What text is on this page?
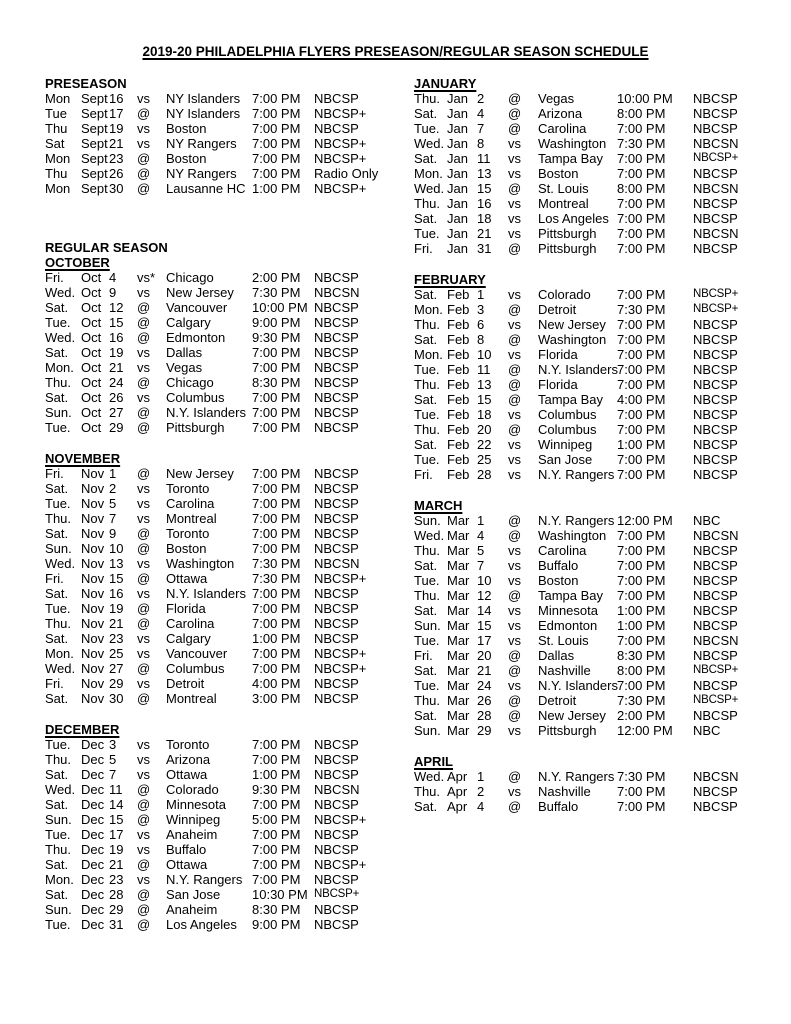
2019-20 PHILADELPHIA FLYERS PRESEASON/REGULAR SEASON SCHEDULE
PRESEASON
Mon Sept 16	vs	NY Islanders 7:00 PM	NBCSP
Tue	Sept 17	@	NY Islanders 7:00 PM	NBCSP+
Thu	Sept 19	vs	Boston	7:00 PM	NBCSP
Sat	Sept 21	vs	NY Rangers	7:00 PM	NBCSP+
Mon Sept 23	@	Boston	7:00 PM	NBCSP+
Thu	Sept 26	@	NY Rangers	7:00 PM	Radio Only
Mon Sept 30	@	Lausanne HC 1:00 PM	NBCSP+
REGULAR SEASON
OCTOBER
Fri.	Oct 4	vs* Chicago	2:00 PM	NBCSP
Wed. Oct 9	vs	New Jersey	7:30 PM	NBCSN
Sat. Oct 12	@	Vancouver	10:00 PM NBCSP
Tue. Oct 15	@	Calgary	9:00 PM	NBCSP
Wed. Oct 16	@	Edmonton	9:30 PM	NBCSP
Sat. Oct 19	vs	Dallas	7:00 PM	NBCSP
Mon. Oct 21	vs	Vegas	7:00 PM	NBCSP
Thu. Oct 24	@	Chicago	8:30 PM	NBCSP
Sat. Oct 26	vs	Columbus	7:00 PM	NBCSP
Sun. Oct 27	@	N.Y. Islanders 7:00 PM	NBCSP
Tue. Oct 29	@	Pittsburgh	7:00 PM	NBCSP
NOVEMBER
Fri.	Nov 1	@	New Jersey	7:00 PM	NBCSP
Sat. Nov 2	vs	Toronto	7:00 PM	NBCSP
Tue. Nov 5	vs	Carolina	7:00 PM	NBCSP
Thu. Nov 7	vs	Montreal	7:00 PM	NBCSP
Sat. Nov 9	@	Toronto	7:00 PM	NBCSP
Sun. Nov 10	@	Boston	7:00 PM	NBCSP
Wed. Nov 13	vs	Washington	7:30 PM	NBCSN
Fri.	Nov 15	@	Ottawa	7:30 PM	NBCSP+
Sat. Nov 16	vs	N.Y. Islanders 7:00 PM	NBCSP
Tue. Nov 19	@	Florida	7:00 PM	NBCSP
Thu. Nov 21	@	Carolina	7:00 PM	NBCSP
Sat. Nov 23	vs	Calgary	1:00 PM	NBCSP
Mon. Nov 25	vs	Vancouver	7:00 PM	NBCSP+
Wed. Nov 27	@	Columbus	7:00 PM	NBCSP+
Fri.	Nov 29	vs	Detroit	4:00 PM	NBCSP
Sat. Nov 30	@	Montreal	3:00 PM	NBCSP
DECEMBER
Tue. Dec 3	vs	Toronto	7:00 PM	NBCSP
Thu. Dec 5	vs	Arizona	7:00 PM	NBCSP
Sat. Dec 7	vs	Ottawa	1:00 PM	NBCSP
Wed. Dec 11	@	Colorado	9:30 PM	NBCSN
Sat. Dec 14	@	Minnesota	7:00 PM	NBCSP
Sun. Dec 15	@	Winnipeg	5:00 PM	NBCSP+
Tue. Dec 17	vs	Anaheim	7:00 PM	NBCSP
Thu. Dec 19	vs	Buffalo	7:00 PM	NBCSP
Sat. Dec 21	@	Ottawa	7:00 PM	NBCSP+
Mon. Dec 23	vs	N.Y. Rangers 7:00 PM	NBCSP
Sat. Dec 28	@	San Jose	10:30 PM NBCSP+
Sun. Dec 29	@	Anaheim	8:30 PM	NBCSP
Tue. Dec 31	@	Los Angeles	9:00 PM	NBCSP
JANUARY
Thu. Jan 2	@	Vegas	10:00 PM	NBCSP
Sat. Jan 4	@	Arizona	8:00 PM	NBCSP
Tue. Jan 7	@	Carolina	7:00 PM	NBCSP
Wed. Jan 8	vs	Washington 7:30 PM	NBCSN
Sat. Jan 11	vs	Tampa Bay	7:00 PM	NBCSP+
Mon. Jan 13	vs	Boston	7:00 PM	NBCSP
Wed. Jan 15	@	St. Louis	8:00 PM	NBCSN
Thu. Jan 16	vs	Montreal	7:00 PM	NBCSP
Sat. Jan 18	vs	Los Angeles 7:00 PM	NBCSP
Tue. Jan 21	vs	Pittsburgh	7:00 PM	NBCSN
Fri.	Jan 31	@	Pittsburgh	7:00 PM	NBCSP
FEBRUARY
Sat. Feb 1	vs	Colorado	7:00 PM	NBCSP+
Mon. Feb 3	@	Detroit	7:30 PM	NBCSP+
Thu. Feb 6	vs	New Jersey 7:00 PM	NBCSP
Sat. Feb 8	@	Washington 7:00 PM	NBCSP
Mon. Feb 10	vs	Florida	7:00 PM	NBCSP
Tue. Feb 11	@	N.Y. Islanders 7:00 PM	NBCSP
Thu. Feb 13	@	Florida	7:00 PM	NBCSP
Sat. Feb 15	@	Tampa Bay	4:00 PM	NBCSP
Tue. Feb 18	vs	Columbus	7:00 PM	NBCSP
Thu. Feb 20	@	Columbus	7:00 PM	NBCSP
Sat. Feb 22	vs	Winnipeg	1:00 PM	NBCSP
Tue. Feb 25	vs	San Jose	7:00 PM	NBCSP
Fri.	Feb 28	vs	N.Y. Rangers 7:00 PM	NBCSP
MARCH
Sun. Mar 1	@	N.Y. Rangers 12:00 PM	NBC
Wed. Mar 4	@	Washington 7:00 PM	NBCSN
Thu. Mar 5	vs	Carolina	7:00 PM	NBCSP
Sat. Mar 7	vs	Buffalo	7:00 PM	NBCSP
Tue. Mar 10	vs	Boston	7:00 PM	NBCSP
Thu. Mar 12	@	Tampa Bay	7:00 PM	NBCSP
Sat. Mar 14	vs	Minnesota	1:00 PM	NBCSP
Sun. Mar 15	vs	Edmonton	1:00 PM	NBCSP
Tue. Mar 17	vs	St. Louis	7:00 PM	NBCSN
Fri.	Mar 20	@	Dallas	8:30 PM	NBCSP
Sat. Mar 21	@	Nashville	8:00 PM	NBCSP+
Tue. Mar 24	vs	N.Y. Islanders 7:00 PM	NBCSP
Thu. Mar 26	@	Detroit	7:30 PM	NBCSP+
Sat. Mar 28	@	New Jersey 2:00 PM	NBCSP
Sun. Mar 29	vs	Pittsburgh	12:00 PM	NBC
APRIL
Wed. Apr 1	@	N.Y. Rangers 7:30 PM	NBCSN
Thu. Apr 2	vs	Nashville	7:00 PM	NBCSP
Sat. Apr 4	@	Buffalo	7:00 PM	NBCSP
